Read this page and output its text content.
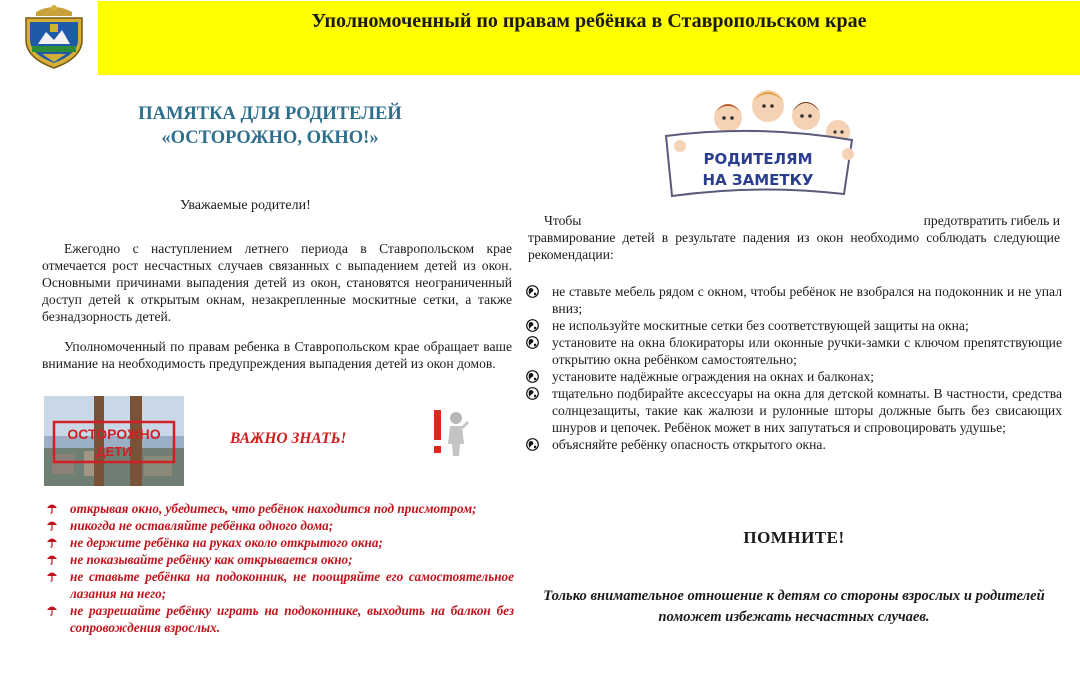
Уполномоченный по правам ребёнка в Ставропольском крае
ПАМЯТКА ДЛЯ РОДИТЕЛЕЙ
«ОСТОРОЖНО, ОКНО!»
Уважаемые родители!

Ежегодно с наступлением летнего периода в Ставропольском крае отмечается рост несчастных случаев связанных с выпадением детей из окон. Основными причинами выпадения детей из окон, становятся неограниченный доступ детей к открытым окнам, незакрепленные москитные сетки, а также безнадзорность детей.

Уполномоченный по правам ребенка в Ставропольском крае обращает ваше внимание на необходимость предупреждения выпадения детей из окон домов.

ОСТОРОЖНО
ДЕТИ
ВАЖНО ЗНАТЬ!
открывая окно, убедитесь, что ребёнок находится под присмотром;
никогда не оставляйте ребёнка одного дома;
не держите ребёнка на руках около открытого окна;
не показывайте ребёнку как открывается окно;
не ставьте ребёнка на подоконник, не поощряйте его самостоятельное лазания на него;
не разрешайте ребёнку играть на подоконнике, выходить на балкон без сопровождения взрослых.
РОДИТЕЛЯМ
НА ЗАМЕТКУ
Чтобы	предотвратить гибель и
травмирование детей в результате падения из окон необходимо соблюдать следующие рекомендации:
не ставьте мебель рядом с окном, чтобы ребёнок не взобрался на подоконник и не упал вниз;
не используйте москитные сетки без соответствующей защиты на окна;
установите на окна блокираторы или оконные ручки-замки с ключом препятствующие открытию окна ребёнком самостоятельно;
установите надёжные ограждения на окнах и балконах;
тщательно подбирайте аксессуары на окна для детской комнаты. В частности, средства солнцезащиты, такие как жалюзи и рулонные шторы должные быть без свисающих шнуров и цепочек. Ребёнок может в них запутаться и спровоцировать удушье;
объясняйте ребёнку опасность открытого окна.
ПОМНИТЕ!
Только внимательное отношение к детям со стороны взрослых и родителей поможет избежать несчастных случаев.
